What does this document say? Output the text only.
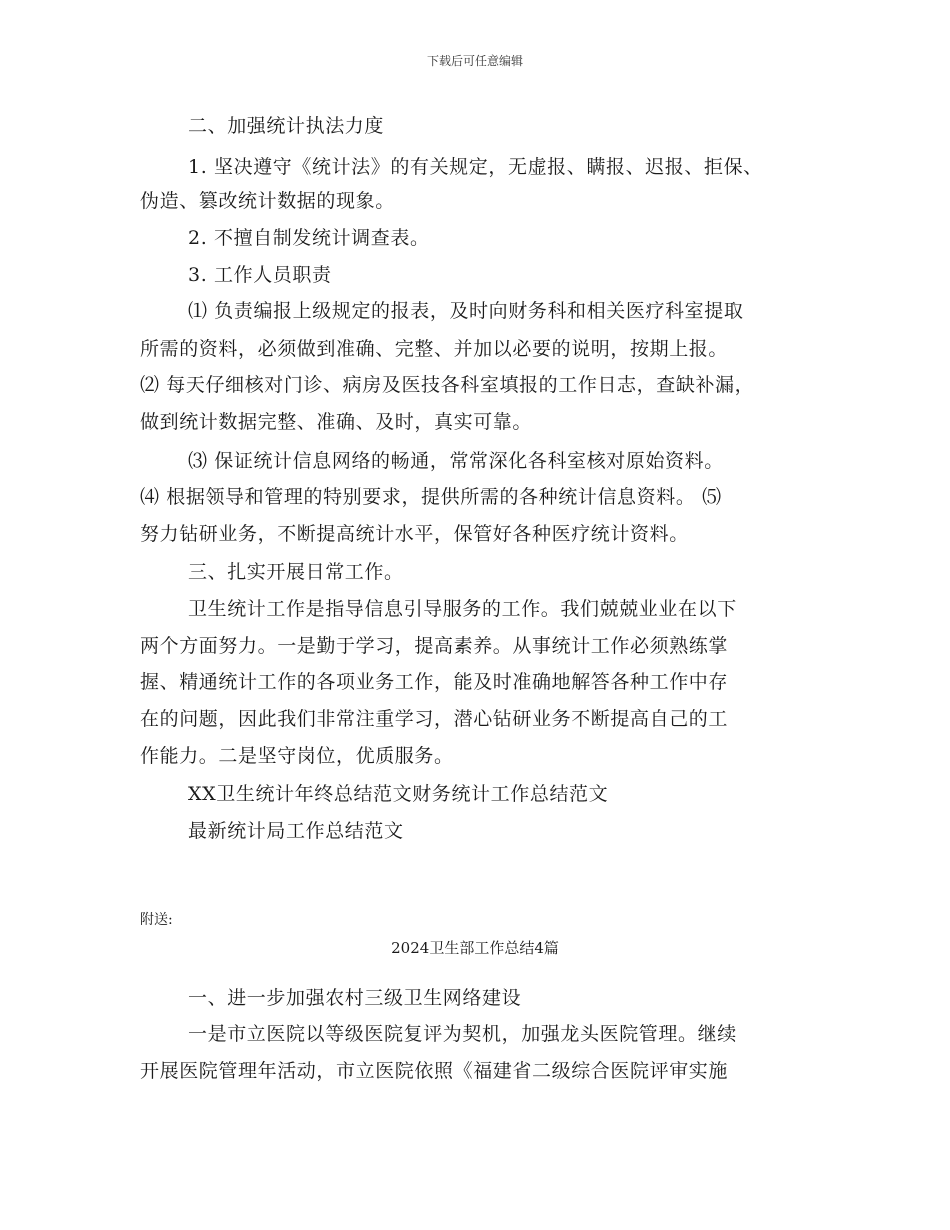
下载后可任意编辑
二、加强统计执法力度
1. 坚决遵守《统计法》的有关规定，无虚报、瞒报、迟报、拒保、
伪造、篡改统计数据的现象。
2. 不擅自制发统计调查表。
3. 工作人员职责
⑴ 负责编报上级规定的报表，及时向财务科和相关医疗科室提取
所需的资料，必须做到准确、完整、并加以必要的说明，按期上报。
⑵ 每天仔细核对门诊、病房及医技各科室填报的工作日志，查缺补漏，
做到统计数据完整、准确、及时，真实可靠。
⑶ 保证统计信息网络的畅通，常常深化各科室核对原始资料。
⑷ 根据领导和管理的特别要求，提供所需的各种统计信息资料。 ⑸
努力钻研业务，不断提高统计水平，保管好各种医疗统计资料。
三、扎实开展日常工作。
卫生统计工作是指导信息引导服务的工作。我们兢兢业业在以下
两个方面努力。一是勤于学习，提高素养。从事统计工作必须熟练掌
握、精通统计工作的各项业务工作，能及时准确地解答各种工作中存
在的问题，因此我们非常注重学习，潜心钻研业务不断提高自己的工
作能力。二是坚守岗位，优质服务。
XX卫生统计年终总结范文财务统计工作总结范文
最新统计局工作总结范文
附送:
2024卫生部工作总结4篇
一、进一步加强农村三级卫生网络建设
一是市立医院以等级医院复评为契机，加强龙头医院管理。继续
开展医院管理年活动，市立医院依照《福建省二级综合医院评审实施
